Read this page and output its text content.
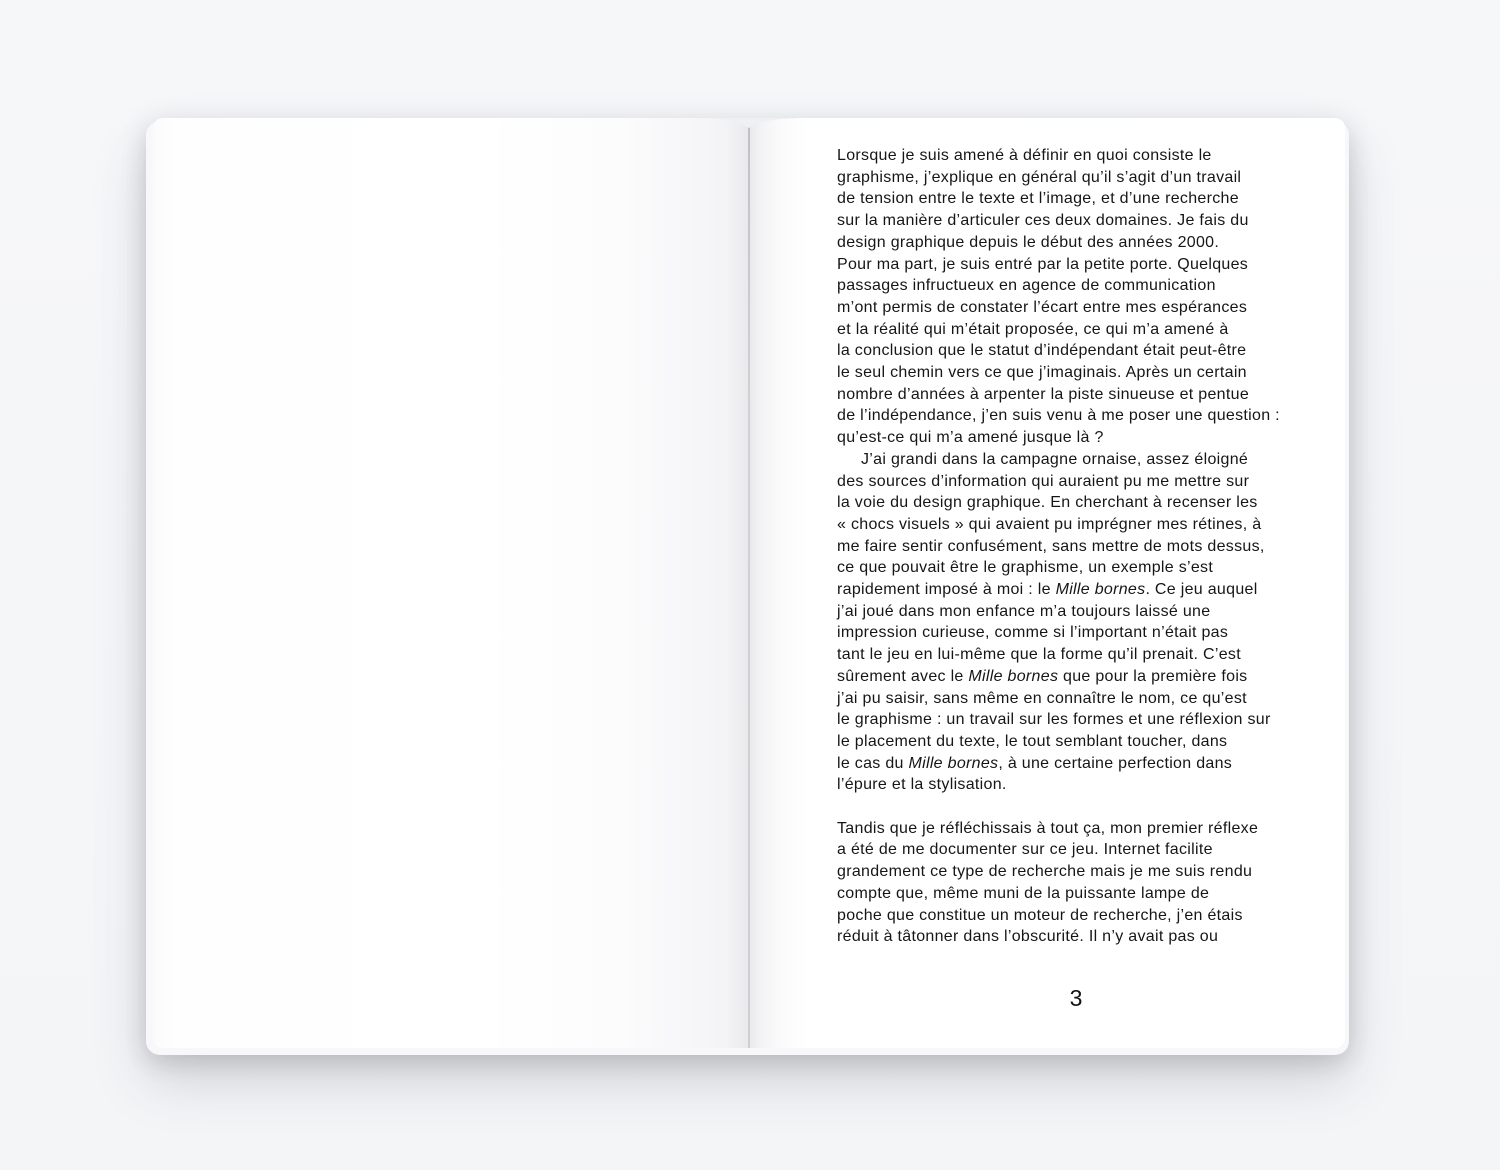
Lorsque je suis amené à définir en quoi consiste le
graphisme, j’explique en général qu’il s’agit d’un travail
de tension entre le texte et l’image, et d’une recherche
sur la manière d’articuler ces deux domaines. Je fais du
design graphique depuis le début des années 2000.
Pour ma part, je suis entré par la petite porte. Quelques
passages infructueux en agence de communication
m’ont permis de constater l’écart entre mes espérances
et la réalité qui m’était proposée, ce qui m’a amené à
la conclusion que le statut d’indépendant était peut-être
le seul chemin vers ce que j’imaginais. Après un certain
nombre d’années à arpenter la piste sinueuse et pentue
de l’indépendance, j’en suis venu à me poser une question :
qu’est-ce qui m’a amené jusque là ?
J’ai grandi dans la campagne ornaise, assez éloigné
des sources d’information qui auraient pu me mettre sur
la voie du design graphique. En cherchant à recenser les
« chocs visuels » qui avaient pu imprégner mes rétines, à
me faire sentir confusément, sans mettre de mots dessus,
ce que pouvait être le graphisme, un exemple s’est
rapidement imposé à moi : le Mille bornes. Ce jeu auquel
j’ai joué dans mon enfance m’a toujours laissé une
impression curieuse, comme si l’important n’était pas
tant le jeu en lui-même que la forme qu’il prenait. C’est
sûrement avec le Mille bornes que pour la première fois
j’ai pu saisir, sans même en connaître le nom, ce qu’est
le graphisme : un travail sur les formes et une réflexion sur
le placement du texte, le tout semblant toucher, dans
le cas du Mille bornes, à une certaine perfection dans
l’épure et la stylisation.
Tandis que je réfléchissais à tout ça, mon premier réflexe
a été de me documenter sur ce jeu. Internet facilite
grandement ce type de recherche mais je me suis rendu
compte que, même muni de la puissante lampe de
poche que constitue un moteur de recherche, j’en étais
réduit à tâtonner dans l’obscurité. Il n’y avait pas ou
3
